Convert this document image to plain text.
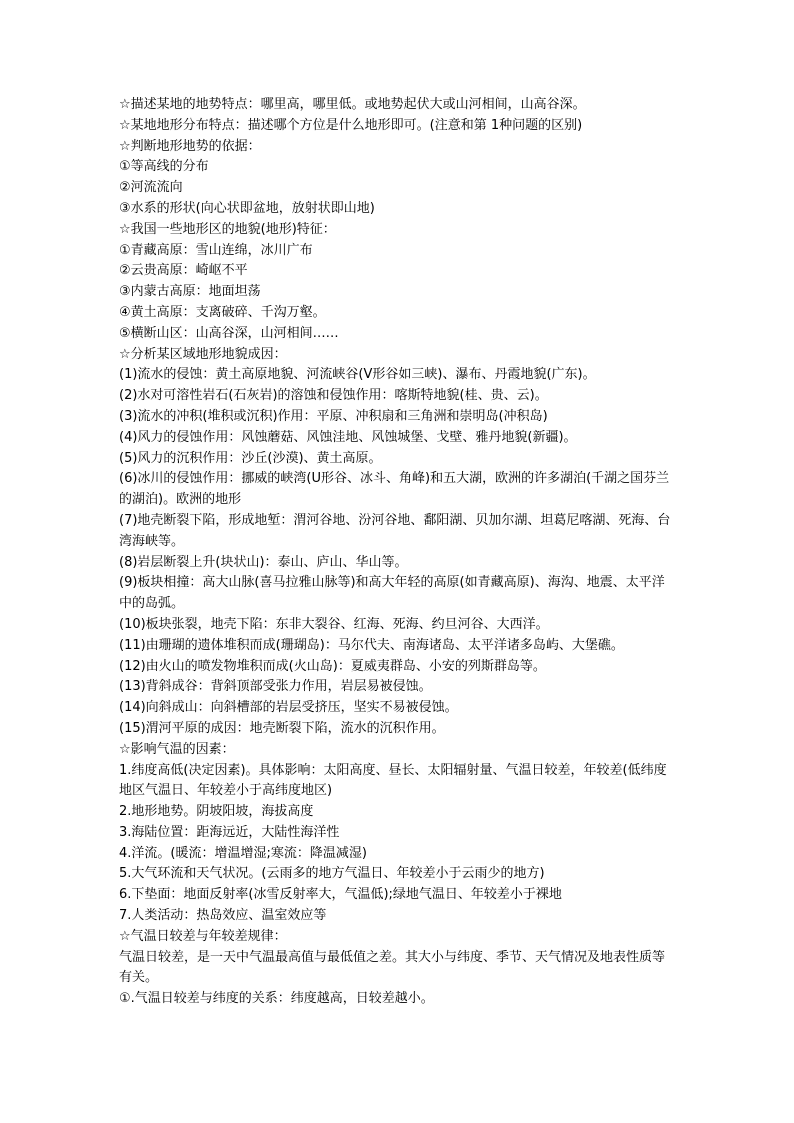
☆描述某地的地势特点：哪里高，哪里低。或地势起伏大或山河相间，山高谷深。
☆某地地形分布特点：描述哪个方位是什么地形即可。(注意和第 1种问题的区别)
☆判断地形地势的依据：
①等高线的分布
②河流流向
③水系的形状(向心状即盆地，放射状即山地)
☆我国一些地形区的地貌(地形)特征：
①青藏高原：雪山连绵，冰川广布
②云贵高原：崎岖不平
③内蒙古高原：地面坦荡
④黄土高原：支离破碎、千沟万壑。
⑤横断山区：山高谷深，山河相间……
☆分析某区域地形地貌成因：
(1)流水的侵蚀：黄土高原地貌、河流峡谷(V形谷如三峡)、瀑布、丹霞地貌(广东)。
(2)水对可溶性岩石(石灰岩)的溶蚀和侵蚀作用：喀斯特地貌(桂、贵、云)。
(3)流水的冲积(堆积或沉积)作用：平原、冲积扇和三角洲和崇明岛(冲积岛)
(4)风力的侵蚀作用：风蚀蘑菇、风蚀洼地、风蚀城堡、戈壁、雅丹地貌(新疆)。
(5)风力的沉积作用：沙丘(沙漠)、黄土高原。
(6)冰川的侵蚀作用：挪威的峡湾(U形谷、冰斗、角峰)和五大湖，欧洲的许多湖泊(千湖之国芬兰的湖泊)。欧洲的地形
(7)地壳断裂下陷，形成地堑：渭河谷地、汾河谷地、鄱阳湖、贝加尔湖、坦葛尼喀湖、死海、台湾海峡等。
(8)岩层断裂上升(块状山)：泰山、庐山、华山等。
(9)板块相撞：高大山脉(喜马拉雅山脉等)和高大年轻的高原(如青藏高原)、海沟、地震、太平洋中的岛弧。
(10)板块张裂，地壳下陷：东非大裂谷、红海、死海、约旦河谷、大西洋。
(11)由珊瑚的遗体堆积而成(珊瑚岛)：马尔代夫、南海诸岛、太平洋诸多岛屿、大堡礁。
(12)由火山的喷发物堆积而成(火山岛)：夏威夷群岛、小安的列斯群岛等。
(13)背斜成谷：背斜顶部受张力作用，岩层易被侵蚀。
(14)向斜成山：向斜槽部的岩层受挤压，坚实不易被侵蚀。
(15)渭河平原的成因：地壳断裂下陷，流水的沉积作用。
☆影响气温的因素：
1.纬度高低(决定因素)。具体影响：太阳高度、昼长、太阳辐射量、气温日较差，年较差(低纬度地区气温日、年较差小于高纬度地区)
2.地形地势。阴坡阳坡，海拔高度
3.海陆位置：距海远近，大陆性海洋性
4.洋流。(暖流：增温增湿;寒流：降温减湿)
5.大气环流和天气状况。(云雨多的地方气温日、年较差小于云雨少的地方)
6.下垫面：地面反射率(冰雪反射率大，气温低);绿地气温日、年较差小于裸地
7.人类活动：热岛效应、温室效应等
☆气温日较差与年较差规律：
气温日较差，是一天中气温最高值与最低值之差。其大小与纬度、季节、天气情况及地表性质等有关。
①.气温日较差与纬度的关系：纬度越高，日较差越小。
